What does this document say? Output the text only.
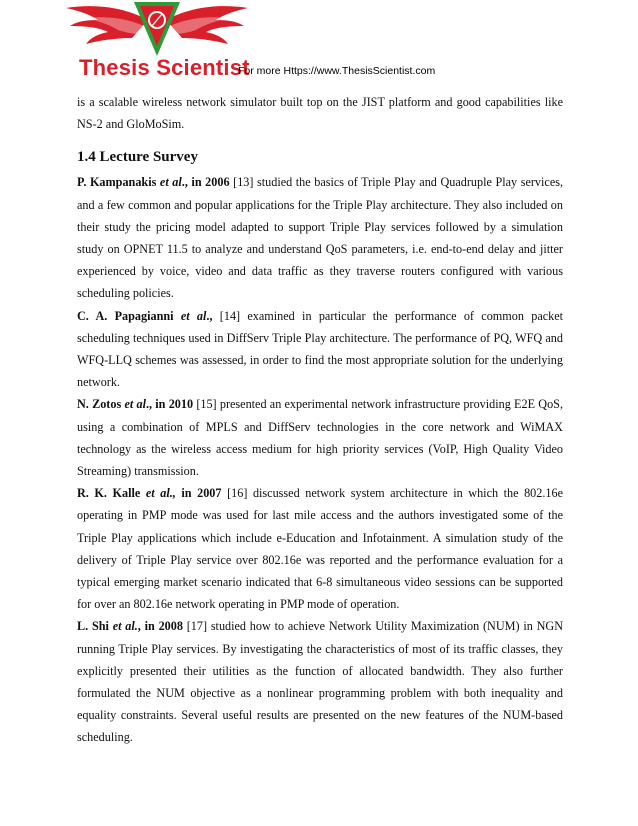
Thesis Scientist
For more Https://www.ThesisScientist.com

is a scalable wireless network simulator built top on the JIST platform and good capabilities like NS-2 and GloMoSim.

1.4 Lecture Survey

P. Kampanakis et al., in 2006 [13] studied the basics of Triple Play and Quadruple Play services, and a few common and popular applications for the Triple Play architecture. They also included on their study the pricing model adapted to support Triple Play services followed by a simulation study on OPNET 11.5 to analyze and understand QoS parameters, i.e. end-to-end delay and jitter experienced by voice, video and data traffic as they traverse routers configured with various scheduling policies.

C. A. Papagianni et al., [14] examined in particular the performance of common packet scheduling techniques used in DiffServ Triple Play architecture. The performance of PQ, WFQ and WFQ-LLQ schemes was assessed, in order to find the most appropriate solution for the underlying network.

N. Zotos et al., in 2010 [15] presented an experimental network infrastructure providing E2E QoS, using a combination of MPLS and DiffServ technologies in the core network and WiMAX technology as the wireless access medium for high priority services (VoIP, High Quality Video Streaming) transmission.

R. K. Kalle et al., in 2007 [16] discussed network system architecture in which the 802.16e operating in PMP mode was used for last mile access and the authors investigated some of the Triple Play applications which include e-Education and Infotainment. A simulation study of the delivery of Triple Play service over 802.16e was reported and the performance evaluation for a typical emerging market scenario indicated that 6-8 simultaneous video sessions can be supported for over an 802.16e network operating in PMP mode of operation.

L. Shi et al., in 2008 [17] studied how to achieve Network Utility Maximization (NUM) in NGN running Triple Play services. By investigating the characteristics of most of its traffic classes, they explicitly presented their utilities as the function of allocated bandwidth. They also further formulated the NUM objective as a nonlinear programming problem with both inequality and equality constraints. Several useful results are presented on the new features of the NUM-based scheduling.
